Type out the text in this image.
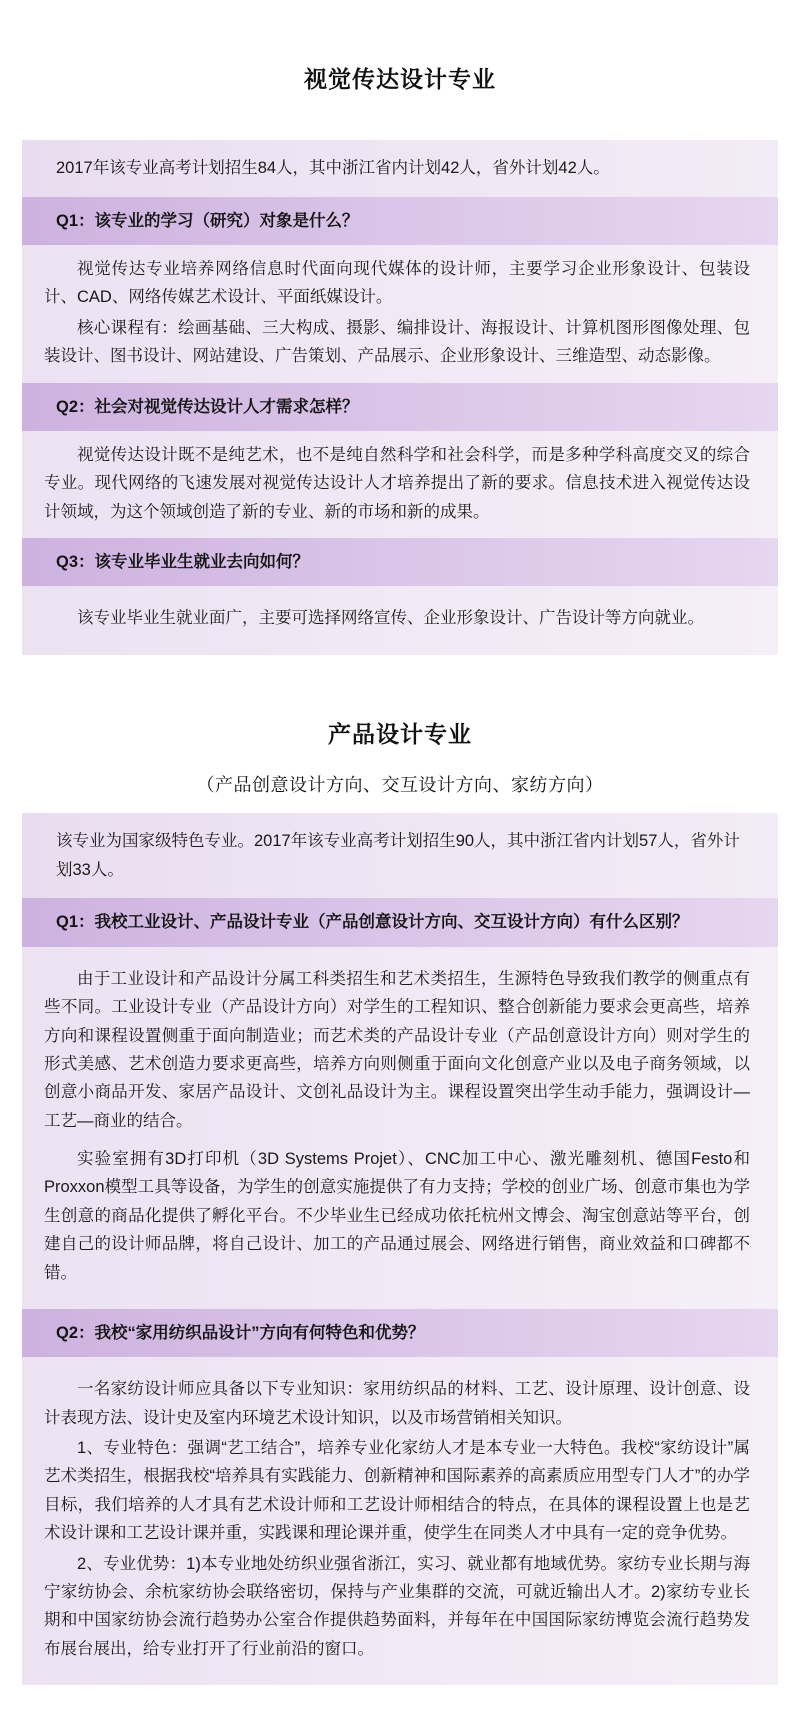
视觉传达设计专业
2017年该专业高考计划招生84人，其中浙江省内计划42人，省外计划42人。
Q1：该专业的学习（研究）对象是什么？

视觉传达专业培养网络信息时代面向现代媒体的设计师，主要学习企业形象设计、包装设计、CAD、网络传媒艺术设计、平面纸媒设计。

核心课程有：绘画基础、三大构成、摄影、编排设计、海报设计、计算机图形图像处理、包装设计、图书设计、网站建设、广告策划、产品展示、企业形象设计、三维造型、动态影像。

Q2：社会对视觉传达设计人才需求怎样？

视觉传达设计既不是纯艺术，也不是纯自然科学和社会科学，而是多种学科高度交叉的综合专业。现代网络的飞速发展对视觉传达设计人才培养提出了新的要求。信息技术进入视觉传达设计领域，为这个领域创造了新的专业、新的市场和新的成果。

Q3：该专业毕业生就业去向如何？

该专业毕业生就业面广，主要可选择网络宣传、企业形象设计、广告设计等方向就业。

产品设计专业
（产品创意设计方向、交互设计方向、家纺方向）
该专业为国家级特色专业。2017年该专业高考计划招生90人，其中浙江省内计划57人，省外计划33人。
Q1：我校工业设计、产品设计专业（产品创意设计方向、交互设计方向）有什么区别？

由于工业设计和产品设计分属工科类招生和艺术类招生，生源特色导致我们教学的侧重点有些不同。工业设计专业（产品设计方向）对学生的工程知识、整合创新能力要求会更高些，培养方向和课程设置侧重于面向制造业；而艺术类的产品设计专业（产品创意设计方向）则对学生的形式美感、艺术创造力要求更高些，培养方向则侧重于面向文化创意产业以及电子商务领域，以创意小商品开发、家居产品设计、文创礼品设计为主。课程设置突出学生动手能力，强调设计—工艺—商业的结合。

实验室拥有3D打印机（3D Systems Projet）、CNC加工中心、激光雕刻机、德国Festo和Proxxon模型工具等设备，为学生的创意实施提供了有力支持；学校的创业广场、创意市集也为学生创意的商品化提供了孵化平台。不少毕业生已经成功依托杭州文博会、淘宝创意站等平台，创建自己的设计师品牌，将自己设计、加工的产品通过展会、网络进行销售，商业效益和口碑都不错。

Q2：我校“家用纺织品设计”方向有何特色和优势？

一名家纺设计师应具备以下专业知识：家用纺织品的材料、工艺、设计原理、设计创意、设计表现方法、设计史及室内环境艺术设计知识，以及市场营销相关知识。

1、专业特色：强调“艺工结合”，培养专业化家纺人才是本专业一大特色。我校“家纺设计”属艺术类招生，根据我校“培养具有实践能力、创新精神和国际素养的高素质应用型专门人才”的办学目标，我们培养的人才具有艺术设计师和工艺设计师相结合的特点，在具体的课程设置上也是艺术设计课和工艺设计课并重，实践课和理论课并重，使学生在同类人才中具有一定的竞争优势。

2、专业优势：1)本专业地处纺织业强省浙江，实习、就业都有地域优势。家纺专业长期与海宁家纺协会、余杭家纺协会联络密切，保持与产业集群的交流，可就近输出人才。2)家纺专业长期和中国家纺协会流行趋势办公室合作提供趋势面料，并每年在中国国际家纺博览会流行趋势发布展台展出，给专业打开了行业前沿的窗口。
